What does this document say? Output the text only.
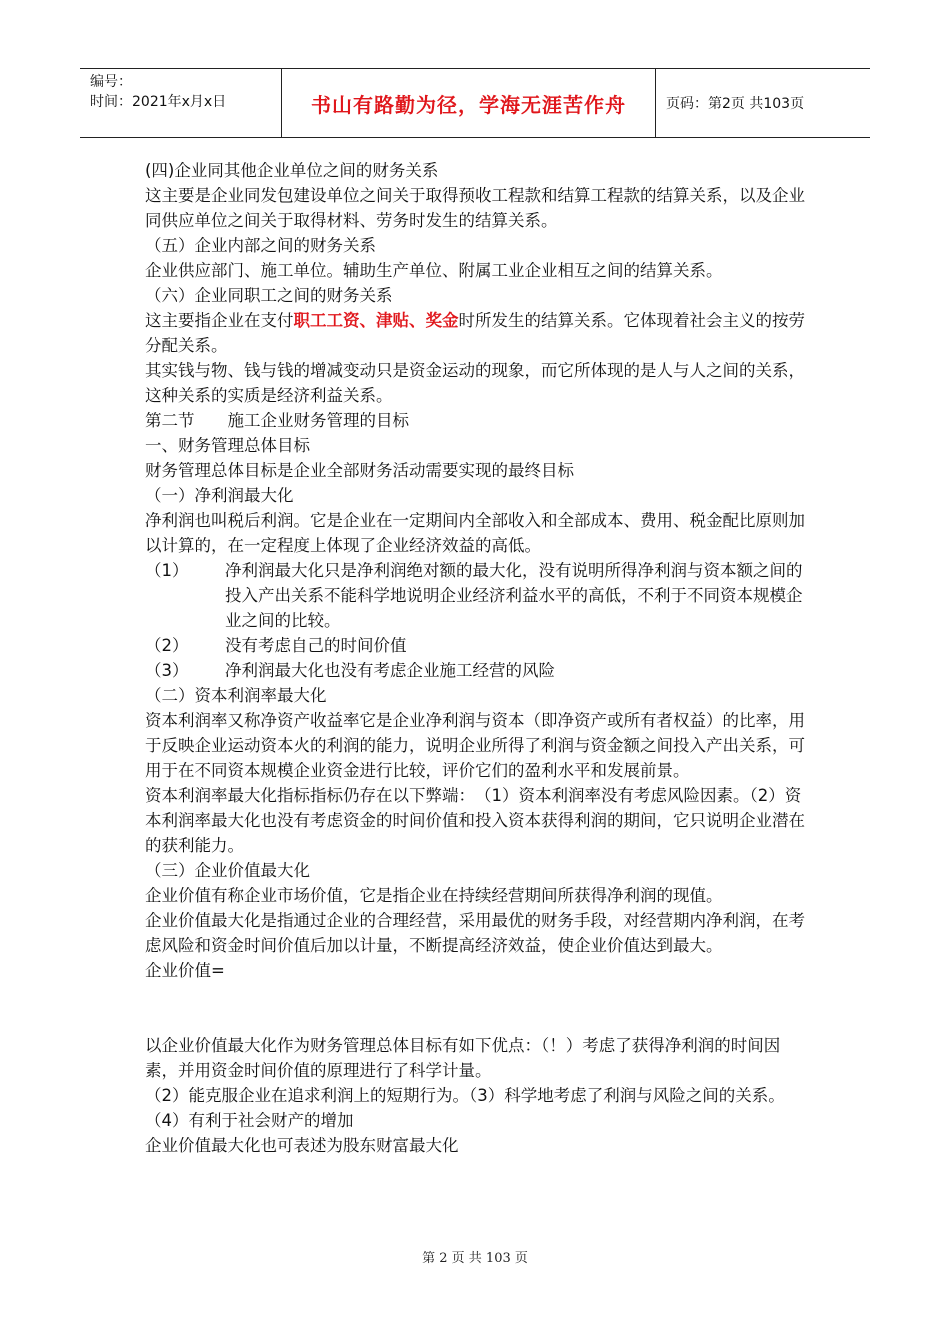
编号：
时间：2021年x月x日	书山有路勤为径，学海无涯苦作舟	页码：第2页 共103页

(四)企业同其他企业单位之间的财务关系

这主要是企业同发包建设单位之间关于取得预收工程款和结算工程款的结算关系，以及企业同供应单位之间关于取得材料、劳务时发生的结算关系。

（五）企业内部之间的财务关系

企业供应部门、施工单位。辅助生产单位、附属工业企业相互之间的结算关系。

（六）企业同职工之间的财务关系

这主要指企业在支付职工工资、津贴、奖金时所发生的结算关系。它体现着社会主义的按劳分配关系。

其实钱与物、钱与钱的增减变动只是资金运动的现象，而它所体现的是人与人之间的关系，这种关系的实质是经济利益关系。

第二节　　施工企业财务管理的目标

一、财务管理总体目标

财务管理总体目标是企业全部财务活动需要实现的最终目标

（一）净利润最大化

净利润也叫税后利润。它是企业在一定期间内全部收入和全部成本、费用、税金配比原则加以计算的，在一定程度上体现了企业经济效益的高低。

（1）	净利润最大化只是净利润绝对额的最大化，没有说明所得净利润与资本额之间的投入产出关系不能科学地说明企业经济利益水平的高低，不利于不同资本规模企业之间的比较。
（2）	没有考虑自己的时间价值
（3）	净利润最大化也没有考虑企业施工经营的风险

（二）资本利润率最大化

资本利润率又称净资产收益率它是企业净利润与资本（即净资产或所有者权益）的比率，用于反映企业运动资本火的利润的能力，说明企业所得了利润与资金额之间投入产出关系，可用于在不同资本规模企业资金进行比较，评价它们的盈利水平和发展前景。

资本利润率最大化指标指标仍存在以下弊端：　（1）资本利润率没有考虑风险因素。（2）资本利润率最大化也没有考虑资金的时间价值和投入资本获得利润的期间，它只说明企业潜在的获利能力。

（三）企业价值最大化

企业价值有称企业市场价值，它是指企业在持续经营期间所获得净利润的现值。

企业价值最大化是指通过企业的合理经营，采用最优的财务手段，对经营期内净利润，在考虑风险和资金时间价值后加以计量，不断提高经济效益，使企业价值达到最大。

企业价值=

以企业价值最大化作为财务管理总体目标有如下优点：（！）考虑了获得净利润的时间因素，并用资金时间价值的原理进行了科学计量。

（2）能克服企业在追求利润上的短期行为。（3）科学地考虑了利润与风险之间的关系。（4）有利于社会财产的增加

企业价值最大化也可表述为股东财富最大化

第 2 页 共 103 页
